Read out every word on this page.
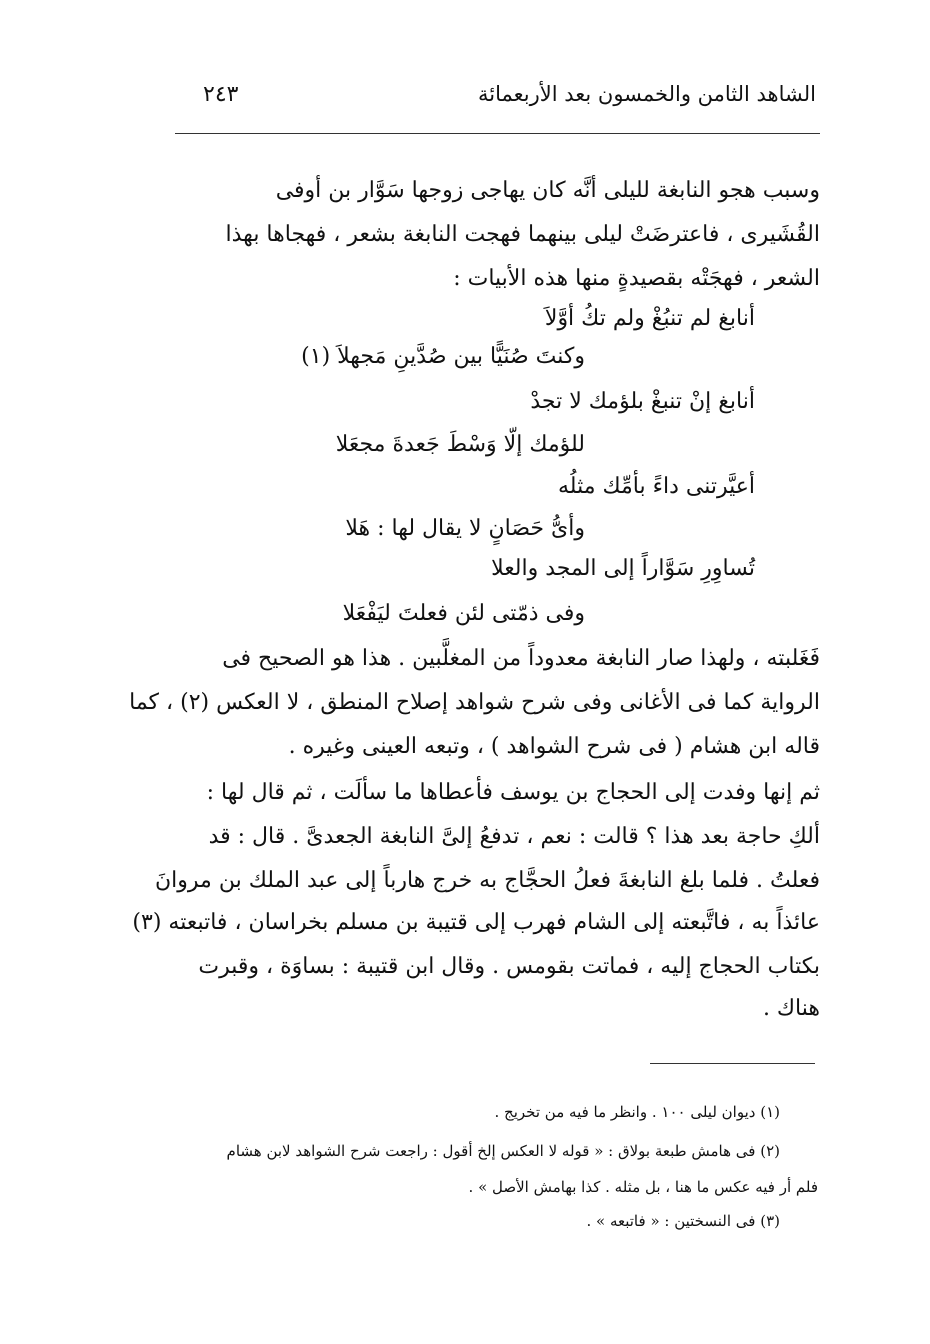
الشاهد الثامن والخمسون بعد الأربعمائة
٢٤٣
وسبب هجو النابغة لليلى أنَّه كان يهاجى زوجها سَوَّار بن أوفى
القُشَيرى ، فاعترضَتْ ليلى بينهما فهجت النابغة بشعر ، فهجاها بهذا
الشعر ، فهجَتْه بقصيدةٍ منها هذه الأبيات :
أنابغ لم تنبُغْ ولم تكُ أوَّلاَ
وكنتَ صُنَيًّا بين صُدَّينِ مَجهلاَ (١)
أنابغ إنْ تنبغْ بلؤمك لا تجدْ
للؤمك إلّا وَسْطَ جَعدةَ مجعَلا
أعيَّرتنى داءً بأمِّك مثلُه
وأىُّ حَصَانٍ لا يقال لها : هَلا
تُساوِرِ سَوَّاراً إلى المجد والعلا
وفى ذمّتى لئن فعلتَ ليَفْعَلا
فَغَلبته ، ولهذا صار النابغة معدوداً من المغلَّبين . هذا هو الصحيح فى
الرواية كما فى الأغانى وفى شرح شواهد إصلاح المنطق ، لا العكس (٢) ، كما
قاله ابن هشام ( فى شرح الشواهد ) ، وتبعه العينى وغيره .
ثم إنها وفدت إلى الحجاج بن يوسف فأعطاها ما سألَت ، ثم قال لها :
ألكِ حاجة بعد هذا ؟ قالت : نعم ، تدفعُ إلىَّ النابغة الجعدىَّ . قال : قد
فعلتُ . فلما بلغ النابغةَ فعلُ الحجَّاج به خرج هارباً إلى عبد الملك بن مروانَ
عائذاً به ، فاتَّبعته إلى الشام فهرب إلى قتيبة بن مسلم بخراسان ، فاتبعته (٣)
بكتاب الحجاج إليه ، فماتت بقومس . وقال ابن قتيبة : بساوَة ، وقبرت
هناك .
(١) ديوان ليلى ١٠٠ . وانظر ما فيه من تخريج .
(٢) فى هامش طبعة بولاق : « قوله لا العكس إلخ أقول : راجعت شرح الشواهد لابن هشام
فلم أر فيه عكس ما هنا ، بل مثله . كذا بهامش الأصل » .
(٣) فى النسختين : « فاتبعه » .
